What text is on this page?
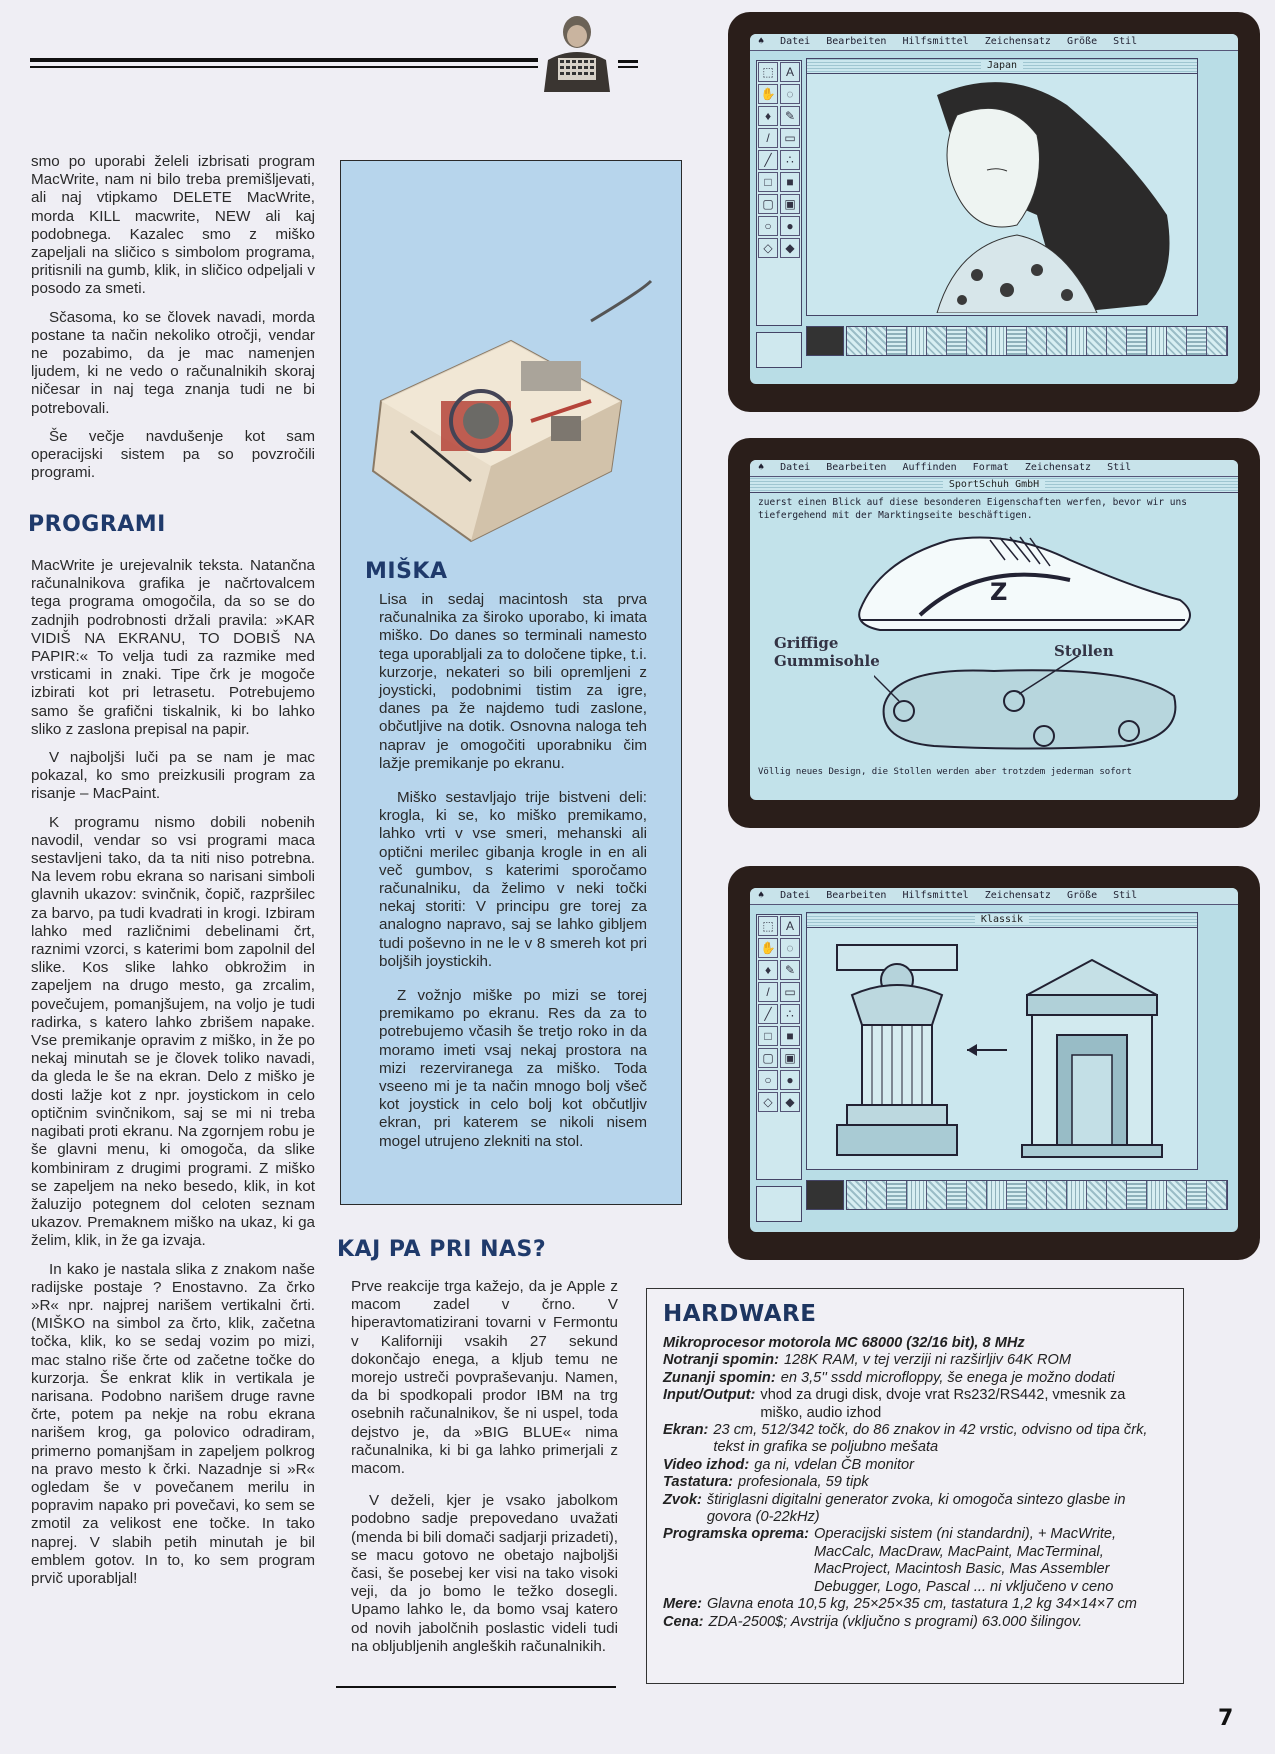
smo po uporabi želeli izbrisati program MacWrite, nam ni bilo treba premišljevati, ali naj vtipkamo DELETE MacWrite, morda KILL macwrite, NEW ali kaj podobnega. Kazalec smo z miško zapeljali na sličico s simbolom programa, pritisnili na gumb, klik, in sličico odpeljali v posodo za smeti.

Sčasoma, ko se človek navadi, morda postane ta način nekoliko otročji, vendar ne pozabimo, da je mac namenjen ljudem, ki ne vedo o računalnikih skoraj ničesar in naj tega znanja tudi ne bi potrebovali.

Še večje navdušenje kot sam operacijski sistem pa so povzročili programi.

PROGRAMI

MacWrite je urejevalnik teksta. Natančna računalnikova grafika je načrtovalcem tega programa omogočila, da so se do zadnjih podrobnosti držali pravila: »KAR VIDIŠ NA EKRANU, TO DOBIŠ NA PAPIR:« To velja tudi za razmike med vrsticami in znaki. Tipe črk je mogoče izbirati kot pri letrasetu. Potrebujemo samo še grafični tiskalnik, ki bo lahko sliko z zaslona prepisal na papir.

V najboljši luči pa se nam je mac pokazal, ko smo preizkusili program za risanje – MacPaint.

K programu nismo dobili nobenih navodil, vendar so vsi programi maca sestavljeni tako, da ta niti niso potrebna. Na levem robu ekrana so narisani simboli glavnih ukazov: svinčnik, čopič, razpršilec za barvo, pa tudi kvadrati in krogi. Izbiram lahko med različnimi debelinami črt, raznimi vzorci, s katerimi bom zapolnil del slike. Kos slike lahko obkrožim in zapeljem na drugo mesto, ga zrcalim, povečujem, pomanjšujem, na voljo je tudi radirka, s katero lahko zbrišem napake. Vse premikanje opravim z miško, in že po nekaj minutah se je človek toliko navadi, da gleda le še na ekran. Delo z miško je dosti lažje kot z npr. joystickom in celo optičnim svinčnikom, saj se mi ni treba nagibati proti ekranu. Na zgornjem robu je še glavni menu, ki omogoča, da slike kombiniram z drugimi programi. Z miško se zapeljem na neko besedo, klik, in kot žaluzijo potegnem dol celoten seznam ukazov. Premaknem miško na ukaz, ki ga želim, klik, in že ga izvaja.

In kako je nastala slika z znakom naše radijske postaje ? Enostavno. Za črko »R« npr. najprej narišem vertikalni črti. (MIŠKO na simbol za črto, klik, začetna točka, klik, ko se sedaj vozim po mizi, mac stalno riše črte od začetne točke do kurzorja. Še enkrat klik in vertikala je narisana. Podobno narišem druge ravne črte, potem pa nekje na robu ekrana narišem krog, ga polovico odradiram, primerno pomanjšam in zapeljem polkrog na pravo mesto k črki. Nazadnje si »R« ogledam še v povečanem merilu in popravim napako pri povečavi, ko sem se zmotil za velikost ene točke. In tako naprej. V slabih petih minutah je bil emblem gotov. In to, ko sem program prvič uporabljal!

MIŠKA

Lisa in sedaj macintosh sta prva računalnika za široko uporabo, ki imata miško. Do danes so terminali namesto tega uporabljali za to določene tipke, t.i. kurzorje, nekateri so bili opremljeni z joysticki, podobnimi tistim za igre, danes pa že najdemo tudi zaslone, občutljive na dotik. Osnovna naloga teh naprav je omogočiti uporabniku čim lažje premikanje po ekranu.

Miško sestavljajo trije bistveni deli: krogla, ki se, ko miško premikamo, lahko vrti v vse smeri, mehanski ali optični merilec gibanja krogle in en ali več gumbov, s katerimi sporočamo računalniku, da želimo v neki točki nekaj storiti: V principu gre torej za analogno napravo, saj se lahko gibljem tudi poševno in ne le v 8 smereh kot pri boljših joystickih.

Z vožnjo miške po mizi se torej premikamo po ekranu. Res da za to potrebujemo včasih še tretjo roko in da moramo imeti vsaj nekaj prostora na mizi rezerviranega za miško. Toda vseeno mi je ta način mnogo bolj všeč kot joystick in celo bolj kot občutljiv ekran, pri katerem se nikoli nisem mogel utrujeno zlekniti na stol.

KAJ PA PRI NAS?

Prve reakcije trga kažejo, da je Apple z macom zadel v črno. V hiperavtomatizirani tovarni v Fermontu v Kaliforniji vsakih 27 sekund dokončajo enega, a kljub temu ne morejo ustreči povpraševanju. Namen, da bi spodkopali prodor IBM na trg osebnih računalnikov, še ni uspel, toda dejstvo je, da »BIG BLUE« nima računalnika, ki bi ga lahko primerjali z macom.

V deželi, kjer je vsako jabolkom podobno sadje prepovedano uvažati (menda bi bili domači sadjarji prizadeti), se macu gotovo ne obetajo najboljši časi, še posebej ker visi na tako visoki veji, da jo bomo le težko dosegli. Upamo lahko le, da bomo vsaj katero od novih jabolčnih poslastic videli tudi na obljubljenih angleških računalnikih.

♠ Datei Bearbeiten Hilfsmittel Zeichensatz Größe Stil
⬚	A
✋ ◌
♦	✎
/	▭
╱	∴
□	■
▢ ▣
○	●
◇	◆
Japan
♠ Datei Bearbeiten Auffinden Format Zeichensatz Stil
SportSchuh GmbH
zuerst einen Blick auf diese besonderen Eigenschaften werfen, bevor wir uns tiefergehend mit der Marktingseite beschäftigen.
Z
Griffige
Gummisohle
Stollen
Völlig neues Design, die Stollen werden aber trotzdem jederman sofort
♠ Datei Bearbeiten Hilfsmittel Zeichensatz Größe Stil
⬚	A
✋ ◌
♦	✎
/	▭
╱	∴
□	■
▢ ▣
○	●
◇	◆
Klassik
HARDWARE
Mikroprocesor motorola MC 68000 (32/16 bit), 8 MHz
Notranji spomin: 128K RAM, v tej verziji ni razširljiv 64K ROM
Zunanji spomin: en 3,5'' ssdd microfloppy, še enega je možno dodati
Input/Output: vhod za drugi disk, dvoje vrat Rs232/RS442, vmesnik za miško, audio izhod
Ekran: 23 cm, 512/342 točk, do 86 znakov in 42 vrstic, odvisno od tipa črk, tekst in grafika se poljubno mešata
Video izhod: ga ni, vdelan ČB monitor
Tastatura: profesionala, 59 tipk
Zvok: štiriglasni digitalni generator zvoka, ki omogoča sintezo glasbe in govora (0-22kHz)
Programska oprema: Operacijski sistem (ni standardni), + MacWrite, MacCalc, MacDraw, MacPaint, MacTerminal, MacProject, Macintosh Basic, Mas Assembler Debugger, Logo, Pascal ... ni vključeno v ceno
Mere: Glavna enota 10,5 kg, 25×25×35 cm, tastatura 1,2 kg 34×14×7 cm
Cena: ZDA-2500$; Avstrija (vključno s programi) 63.000 šilingov.
7
